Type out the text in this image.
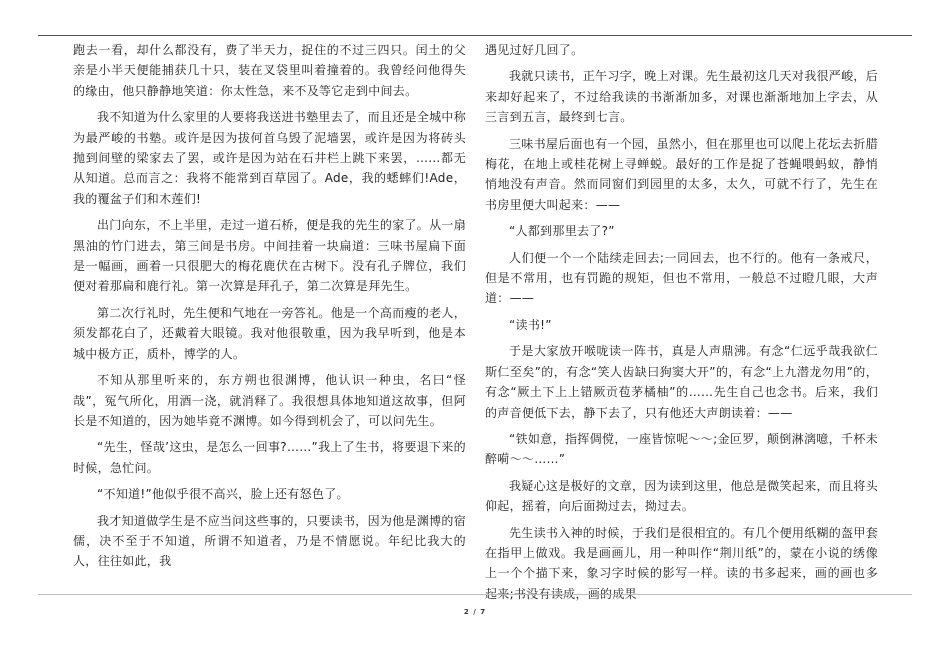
跑去一看，却什么都没有，费了半天力，捉住的不过三四只。闰土的父亲是小半天便能捕获几十只，装在叉袋里叫着撞着的。我曾经问他得失的缘由，他只静静地笑道：你太性急，来不及等它走到中间去。

我不知道为什么家里的人要将我送进书塾里去了，而且还是全城中称为最严峻的书塾。或许是因为拔何首乌毁了泥墙罢，或许是因为将砖头抛到间壁的梁家去了罢，或许是因为站在石井栏上跳下来罢，……都无从知道。总而言之：我将不能常到百草园了。Ade，我的蟋蟀们!Ade，我的覆盆子们和木莲们!

出门向东，不上半里，走过一道石桥，便是我的先生的家了。从一扇黑油的竹门进去，第三间是书房。中间挂着一块扁道：三味书屋扁下面是一幅画，画着一只很肥大的梅花鹿伏在古树下。没有孔子牌位，我们便对着那扁和鹿行礼。第一次算是拜孔子，第二次算是拜先生。

第二次行礼时，先生便和气地在一旁答礼。他是一个高而瘦的老人，须发都花白了，还戴着大眼镜。我对他很敬重，因为我早听到，他是本城中极方正，质朴，博学的人。

不知从那里听来的，东方朔也很渊博，他认识一种虫，名曰“怪哉”，冤气所化，用酒一浇，就消释了。我很想具体地知道这故事，但阿长是不知道的，因为她毕竟不渊博。如今得到机会了，可以问先生。

“先生，怪哉’这虫，是怎么一回事?……”我上了生书，将要退下来的时候，急忙问。

“不知道!”他似乎很不高兴，脸上还有怒色了。

我才知道做学生是不应当问这些事的，只要读书，因为他是渊博的宿儒，决不至于不知道，所谓不知道者，乃是不情愿说。年纪比我大的人，往往如此，我

遇见过好几回了。

我就只读书，正午习字，晚上对课。先生最初这几天对我很严峻，后来却好起来了，不过给我读的书渐渐加多，对课也渐渐地加上字去，从三言到五言，最终到七言。

三味书屋后面也有一个园，虽然小，但在那里也可以爬上花坛去折腊梅花，在地上或桂花树上寻蝉蜕。最好的工作是捉了苍蝇喂蚂蚁，静悄悄地没有声音。然而同窗们到园里的太多，太久，可就不行了，先生在书房里便大叫起来：——

“人都到那里去了?”

人们便一个一个陆续走回去;一同回去，也不行的。他有一条戒尺，但是不常用，也有罚跪的规矩，但也不常用，一般总不过瞪几眼，大声道：——

“读书!”

于是大家放开喉咙读一阵书，真是人声鼎沸。有念“仁远乎哉我欲仁斯仁至矣”的，有念“笑人齿缺曰狗窦大开”的，有念“上九潜龙勿用”的，有念“厥土下上上错厥贡苞茅橘柚”的……先生自己也念书。后来，我们的声音便低下去，静下去了，只有他还大声朗读着：——

“铁如意，指挥倜傥，一座皆惊呢～～;金叵罗，颠倒淋漓噫，千杯未醉嗬～～……”

我疑心这是极好的文章，因为读到这里，他总是微笑起来，而且将头仰起，摇着，向后面拗过去，拗过去。

先生读书入神的时候，于我们是很相宜的。有几个便用纸糊的盔甲套在指甲上做戏。我是画画儿，用一种叫作“荆川纸”的，蒙在小说的绣像上一个个描下来，象习字时候的影写一样。读的书多起来，画的画也多起来;书没有读成，画的成果

2 / 7
